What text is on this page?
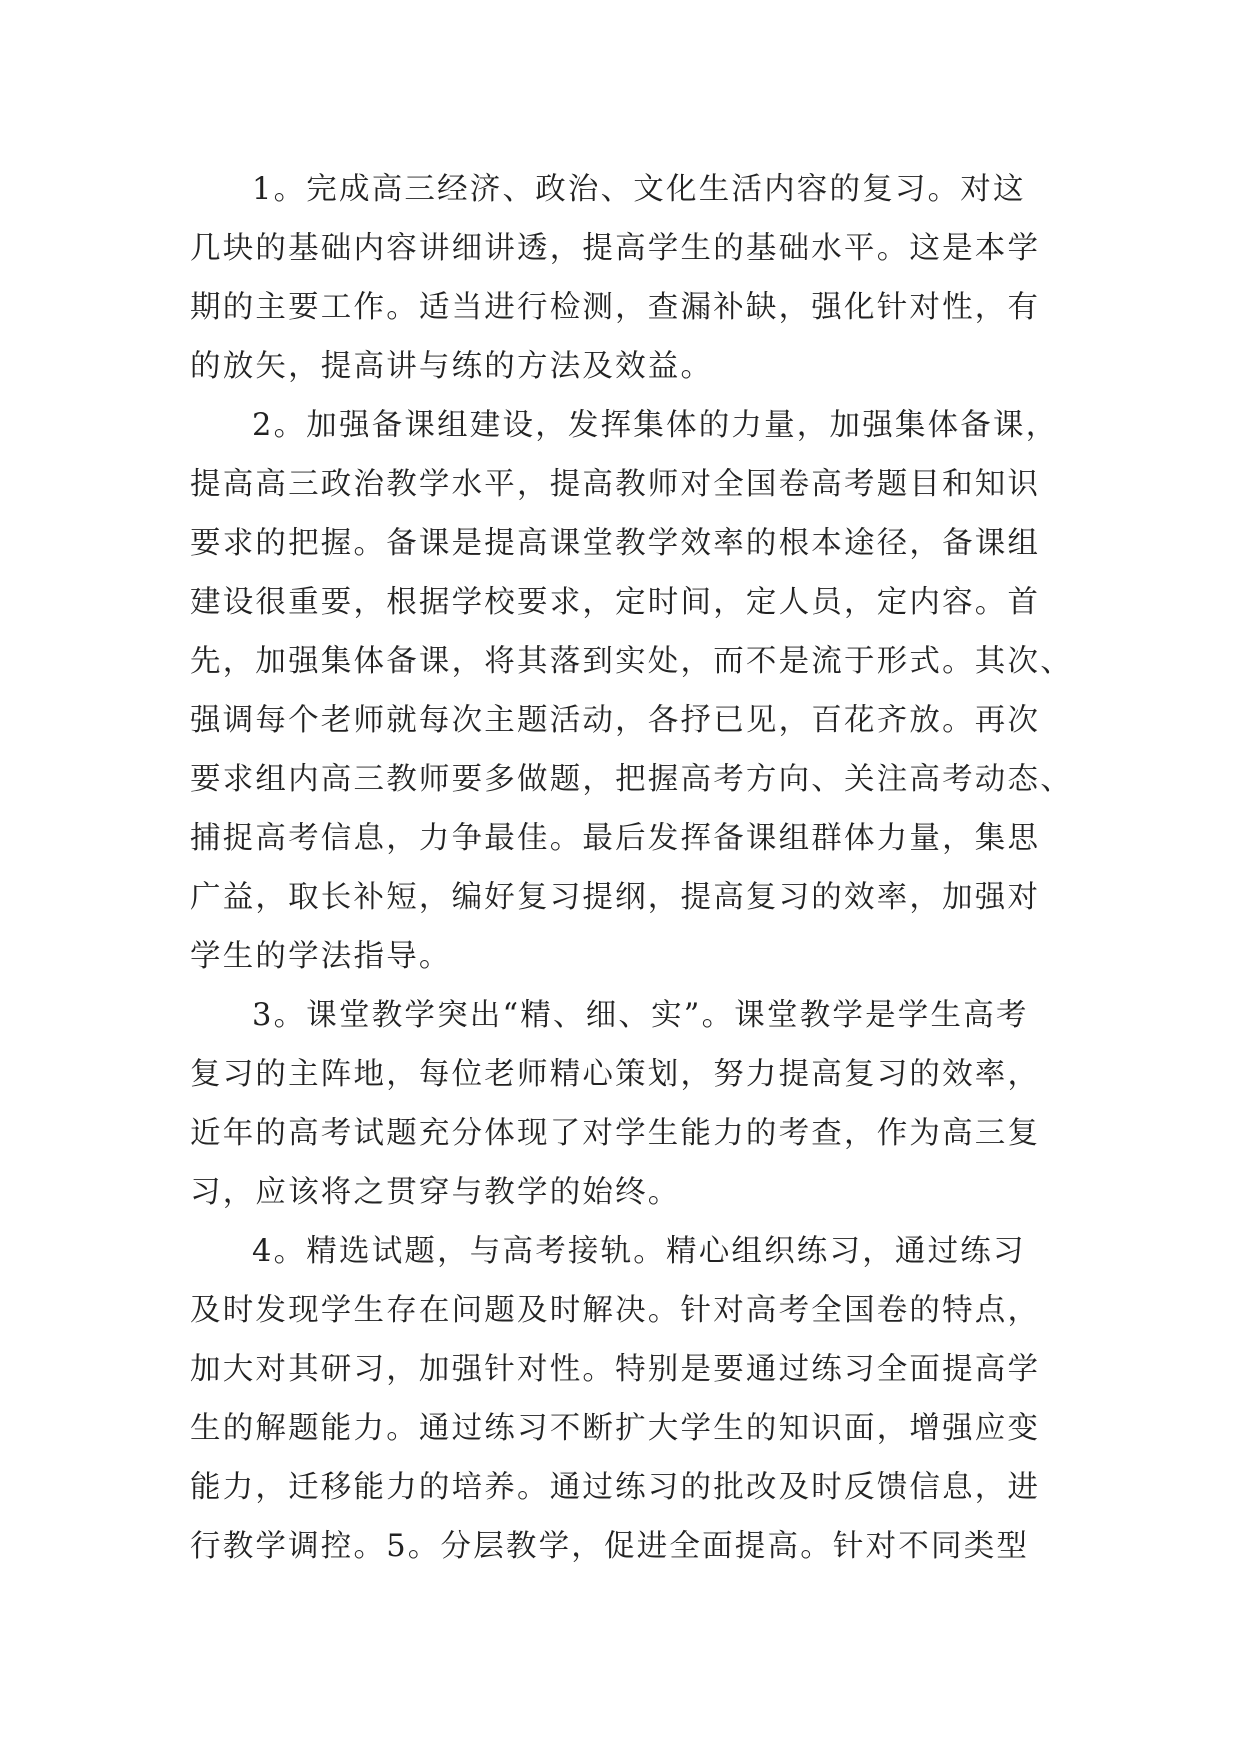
1。完成高三经济、政治、文化生活内容的复习。对这
几块的基础内容讲细讲透，提高学生的基础水平。这是本学
期的主要工作。适当进行检测，查漏补缺，强化针对性，有
的放矢，提高讲与练的方法及效益。
2。加强备课组建设，发挥集体的力量，加强集体备课，
提高高三政治教学水平，提高教师对全国卷高考题目和知识
要求的把握。备课是提高课堂教学效率的根本途径，备课组
建设很重要，根据学校要求，定时间，定人员，定内容。首
先，加强集体备课，将其落到实处，而不是流于形式。其次、
强调每个老师就每次主题活动，各抒已见，百花齐放。再次
要求组内高三教师要多做题，把握高考方向、关注高考动态、
捕捉高考信息，力争最佳。最后发挥备课组群体力量，集思
广益，取长补短，编好复习提纲，提高复习的效率，加强对
学生的学法指导。
3。课堂教学突出“精、细、实”。课堂教学是学生高考
复习的主阵地，每位老师精心策划，努力提高复习的效率，
近年的高考试题充分体现了对学生能力的考查，作为高三复
习，应该将之贯穿与教学的始终。
4。精选试题，与高考接轨。精心组织练习，通过练习
及时发现学生存在问题及时解决。针对高考全国卷的特点，
加大对其研习，加强针对性。特别是要通过练习全面提高学
生的解题能力。通过练习不断扩大学生的知识面，增强应变
能力，迁移能力的培养。通过练习的批改及时反馈信息，进
行教学调控。5。分层教学，促进全面提高。针对不同类型
